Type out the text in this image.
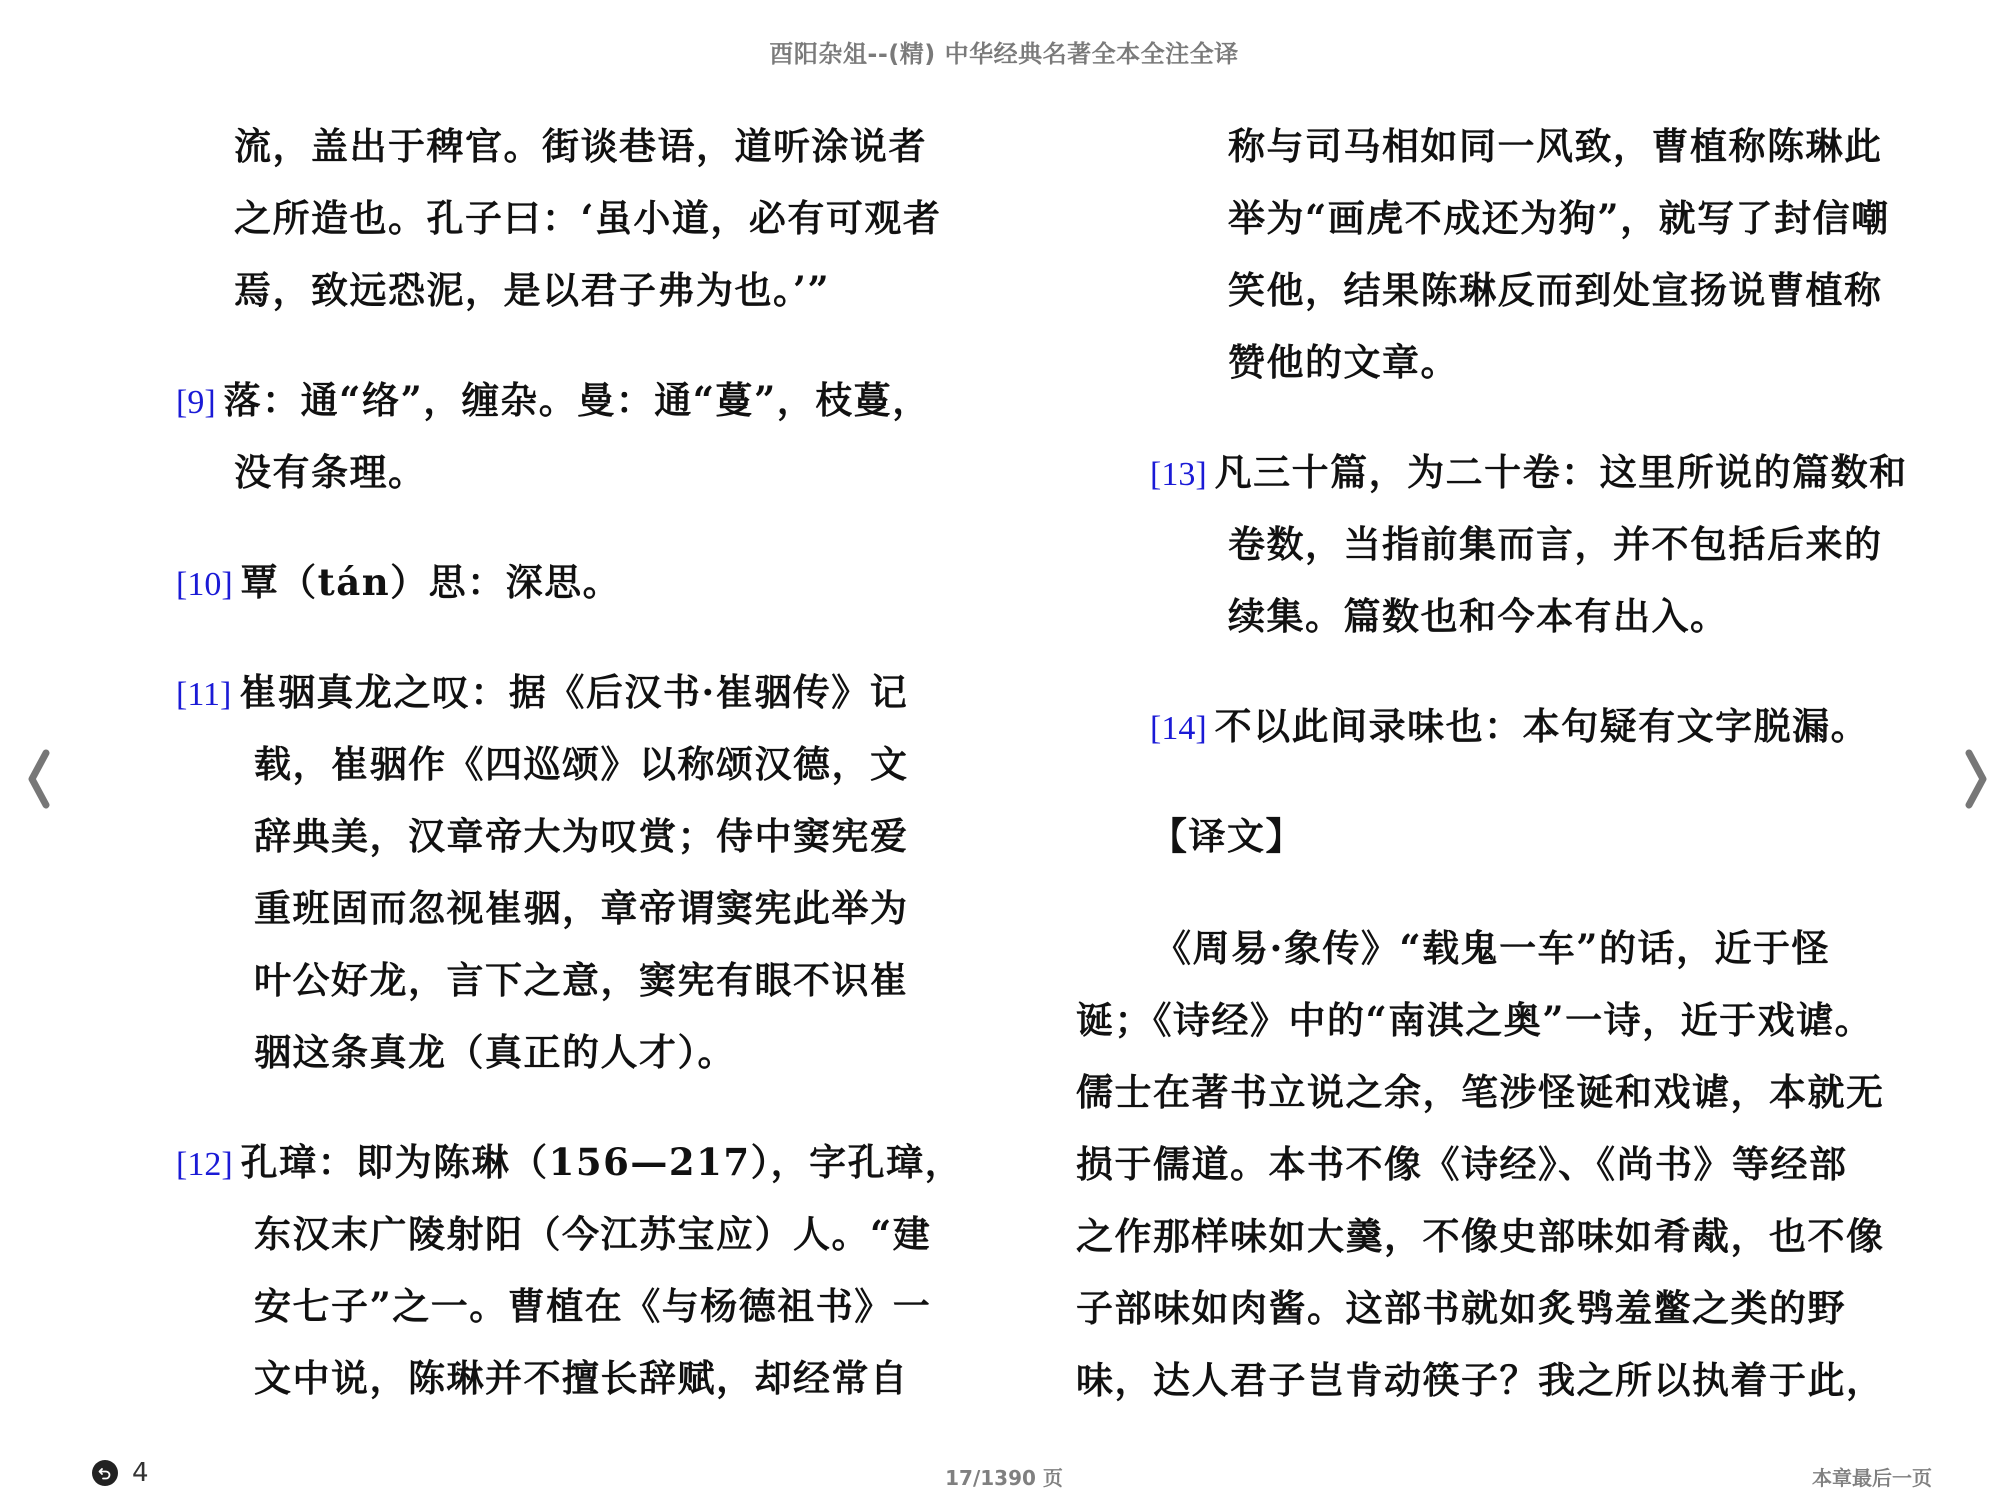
酉阳杂俎--(精) 中华经典名著全本全注全译
流，盖出于稗官。街谈巷语，道听涂说者
之所造也。孔子曰：‘虽小道，必有可观者
焉，致远恐泥，是以君子弗为也。’”
[9] 落：通“络”，缠杂。曼：通“蔓”，枝蔓，
没有条理。
[10] 覃（tán）思：深思。
[11] 崔骃真龙之叹：据《后汉书·崔骃传》记
载，崔骃作《四巡颂》以称颂汉德，文
辞典美，汉章帝大为叹赏；侍中窦宪爱
重班固而忽视崔骃，章帝谓窦宪此举为
叶公好龙，言下之意，窦宪有眼不识崔
骃这条真龙（真正的人才）。
[12] 孔璋：即为陈琳（156—217），字孔璋，
东汉末广陵射阳（今江苏宝应）人。“建
安七子”之一。曹植在《与杨德祖书》一
文中说，陈琳并不擅长辞赋，却经常自
称与司马相如同一风致，曹植称陈琳此
举为“画虎不成还为狗”，就写了封信嘲
笑他，结果陈琳反而到处宣扬说曹植称
赞他的文章。
[13] 凡三十篇，为二十卷：这里所说的篇数和
卷数，当指前集而言，并不包括后来的
续集。篇数也和今本有出入。
[14] 不以此间录味也：本句疑有文字脱漏。
【译文】
《周易·象传》“载鬼一车”的话，近于怪
诞；《诗经》中的“南淇之奥”一诗，近于戏谑。
儒士在著书立说之余，笔涉怪诞和戏谑，本就无
损于儒道。本书不像《诗经》、《尚书》等经部
之作那样味如大羹，不像史部味如肴胾，也不像
子部味如肉酱。这部书就如炙鸮羞鳖之类的野
味，达人君子岂肯动筷子？我之所以执着于此，
4	17/1390 页	本章最后一页
